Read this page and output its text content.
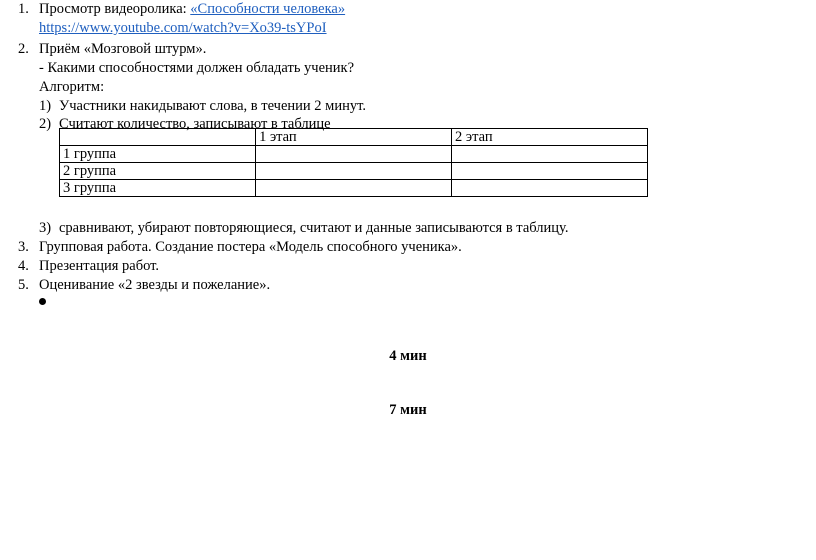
1. Просмотр видеоролика: «Способности человека»
https://www.youtube.com/watch?v=Xo39-tsYPoI
2. Приём «Мозговой штурм».
- Какими способностями должен обладать ученик?
Алгоритм:
1) Участники накидывают слова, в течении 2 минут.
2) Считают количество, записывают в таблице
	1 этап	2 этап
1 группа		
2 группа		
3 группа		
3) сравнивают, убирают повторяющиеся, считают и данные записываются в таблицу.
3. Групповая работа. Создание постера «Модель способного ученика».
4. Презентация работ.
5. Оценивание «2 звезды и пожелание».
4 мин
7 мин
